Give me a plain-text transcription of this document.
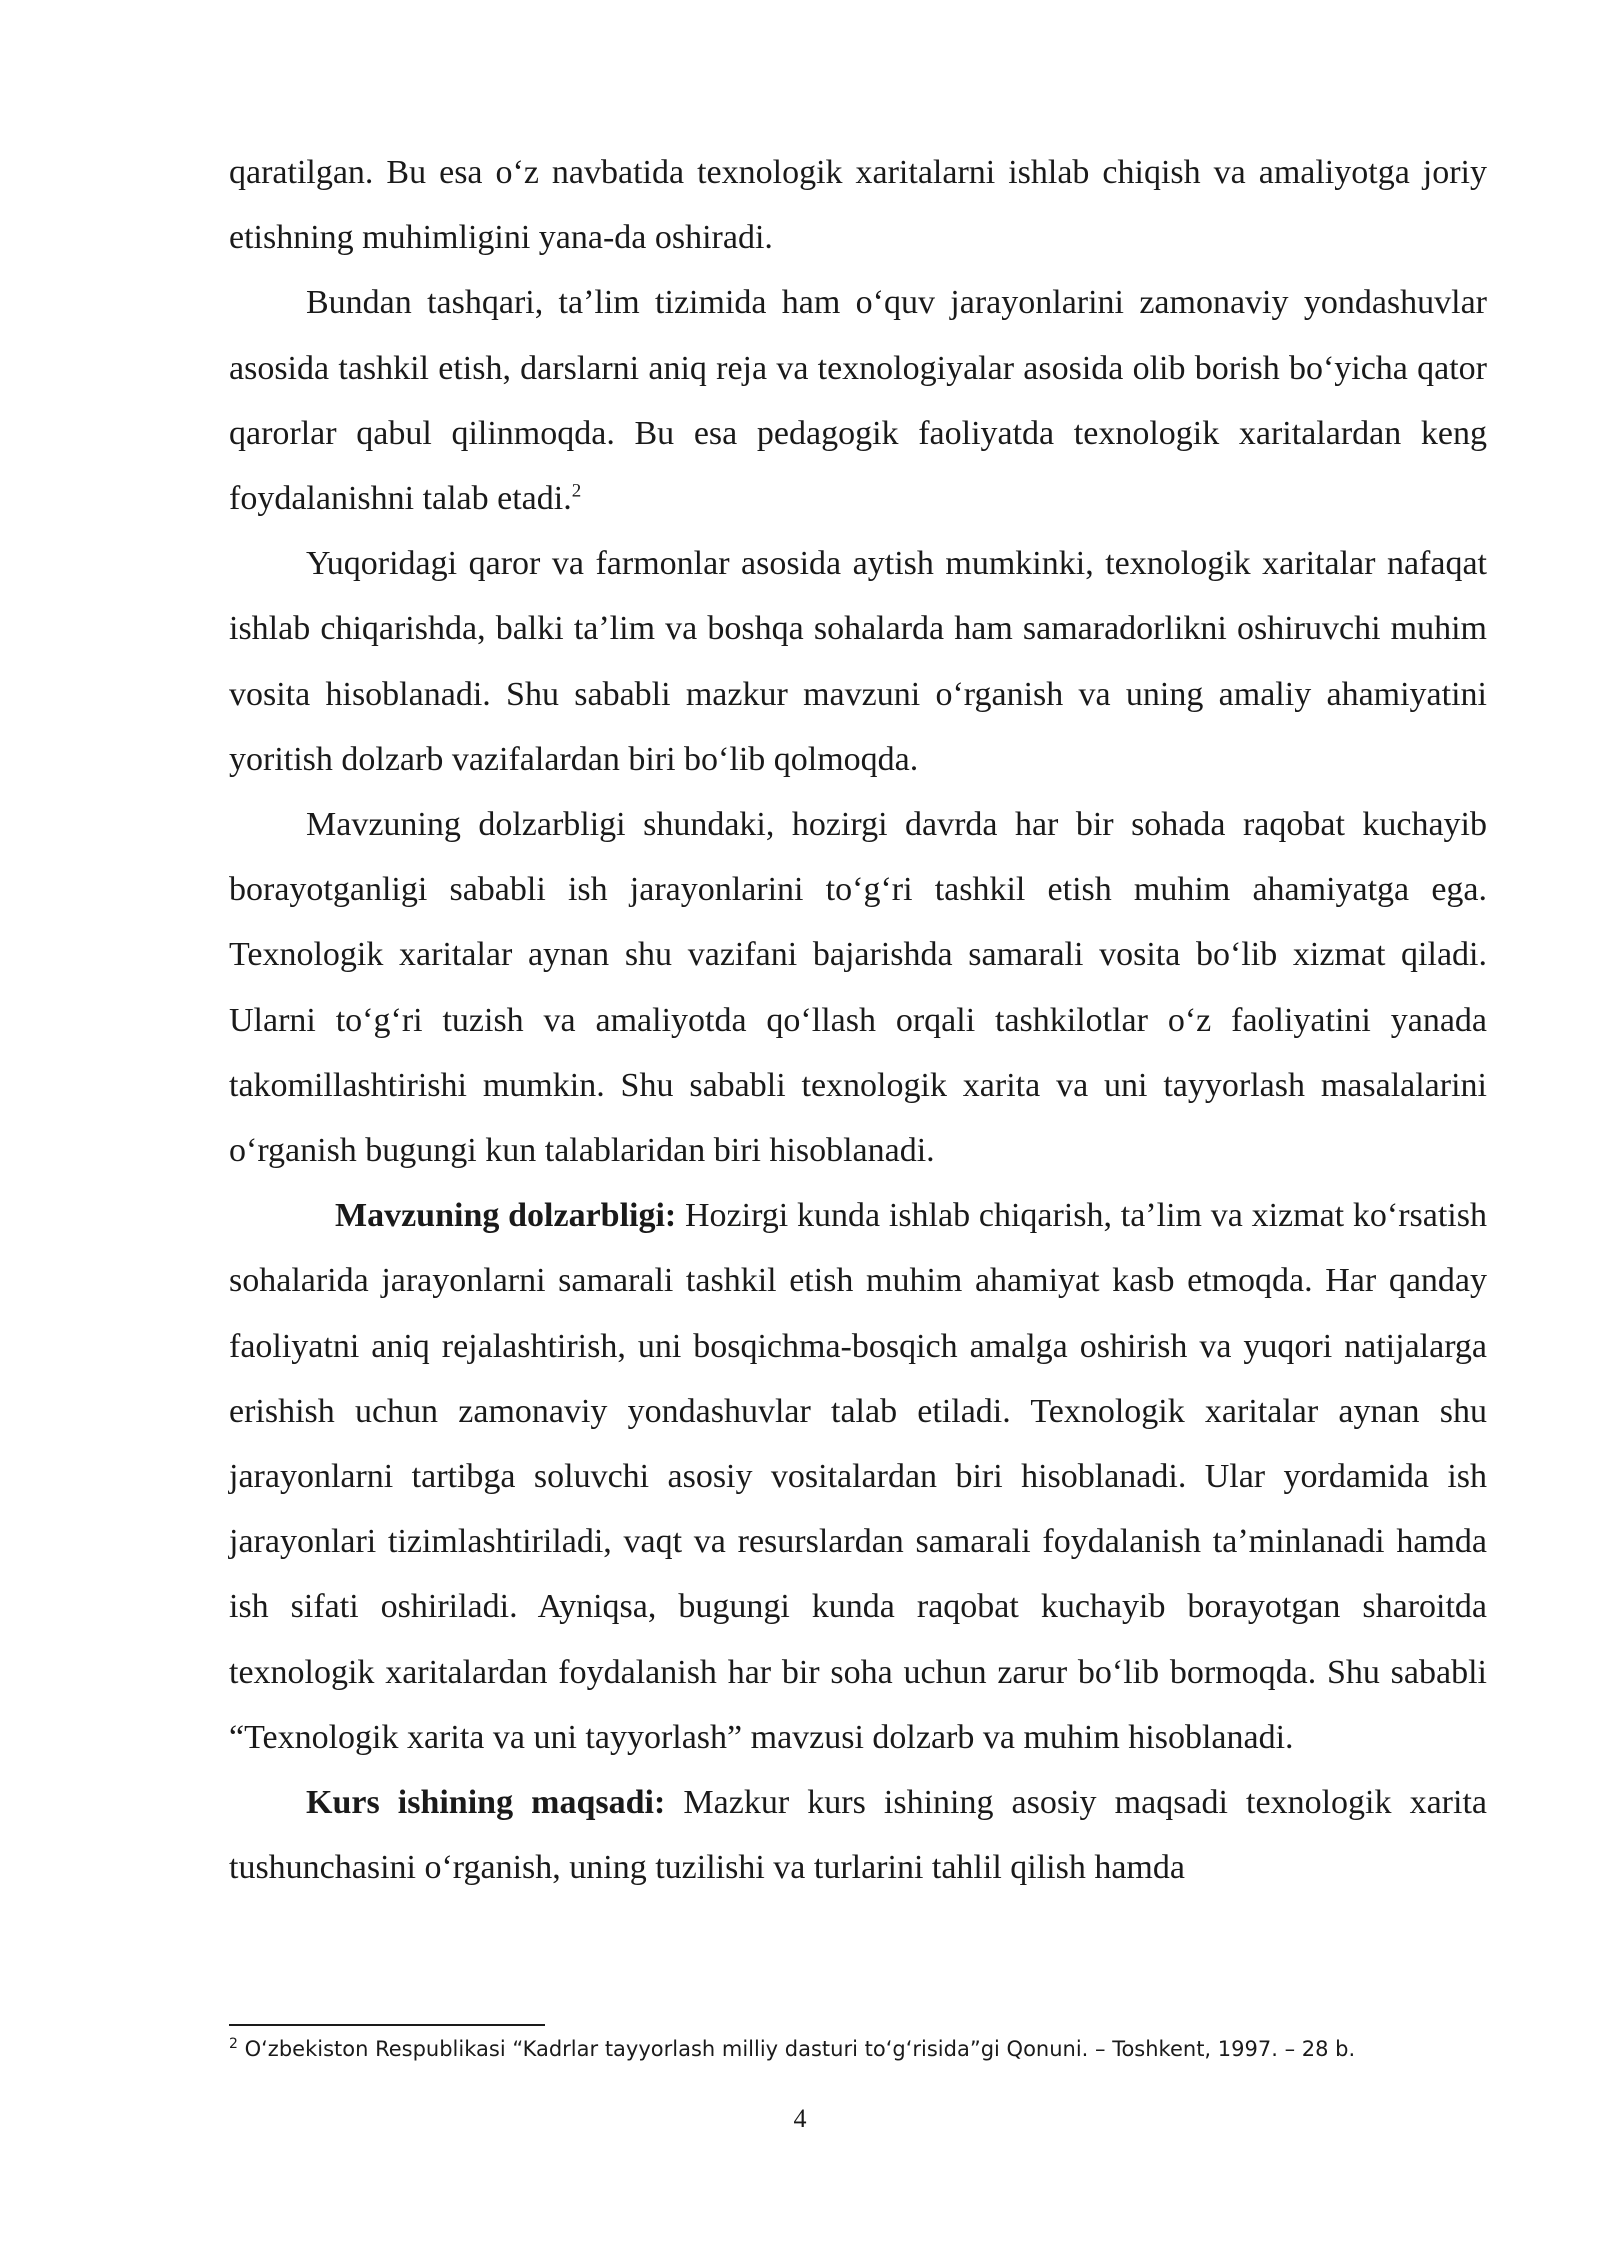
qaratilgan. Bu esa oʻz navbatida texnologik xaritalarni ishlab chiqish va amaliyotga joriy etishning muhimligini yana-da oshiradi.

Bundan tashqari, taʼlim tizimida ham oʻquv jarayonlarini zamonaviy yondashuvlar asosida tashkil etish, darslarni aniq reja va texnologiyalar asosida olib borish boʻyicha qator qarorlar qabul qilinmoqda. Bu esa pedagogik faoliyatda texnologik xaritalardan keng foydalanishni talab etadi.$^2$

Yuqoridagi qaror va farmonlar asosida aytish mumkinki, texnologik xaritalar nafaqat ishlab chiqarishda, balki taʼlim va boshqa sohalarda ham samaradorlikni oshiruvchi muhim vosita hisoblanadi. Shu sababli mazkur mavzuni oʻrganish va uning amaliy ahamiyatini yoritish dolzarb vazifalardan biri boʻlib qolmoqda.

Mavzuning dolzarbligi shundaki, hozirgi davrda har bir sohada raqobat kuchayib borayotganligi sababli ish jarayonlarini toʻgʻri tashkil etish muhim ahamiyatga ega. Texnologik xaritalar aynan shu vazifani bajarishda samarali vosita boʻlib xizmat qiladi. Ularni toʻgʻri tuzish va amaliyotda qoʻllash orqali tashkilotlar oʻz faoliyatini yanada takomillashtirishi mumkin. Shu sababli texnologik xarita va uni tayyorlash masalalarini oʻrganish bugungi kun talablaridan biri hisoblanadi.

Mavzuning dolzarbligi: Hozirgi kunda ishlab chiqarish, taʼlim va xizmat koʻrsatish sohalarida jarayonlarni samarali tashkil etish muhim ahamiyat kasb etmoqda. Har qanday faoliyatni aniq rejalashtirish, uni bosqichma-bosqich amalga oshirish va yuqori natijalarga erishish uchun zamonaviy yondashuvlar talab etiladi. Texnologik xaritalar aynan shu jarayonlarni tartibga soluvchi asosiy vositalardan biri hisoblanadi. Ular yordamida ish jarayonlari tizimlashtiriladi, vaqt va resurslardan samarali foydalanish taʼminlanadi hamda ish sifati oshiriladi. Ayniqsa, bugungi kunda raqobat kuchayib borayotgan sharoitda texnologik xaritalardan foydalanish har bir soha uchun zarur boʻlib bormoqda. Shu sababli “Texnologik xarita va uni tayyorlash” mavzusi dolzarb va muhim hisoblanadi.

Kurs ishining maqsadi: Mazkur kurs ishining asosiy maqsadi texnologik xarita tushunchasini oʻrganish, uning tuzilishi va turlarini tahlil qilish hamda

$^2$ Oʻzbekiston Respublikasi “Kadrlar tayyorlash milliy dasturi toʻgʻrisida”gi Qonuni. – Toshkent, 1997. – 28 b.

4
